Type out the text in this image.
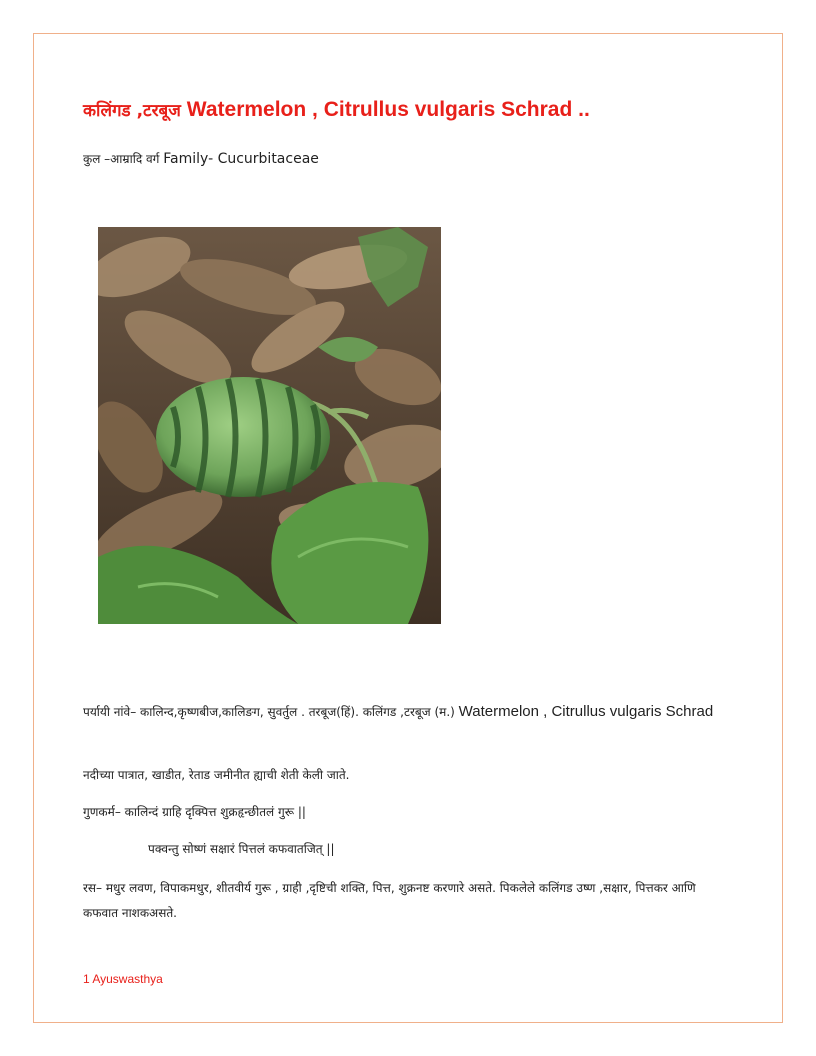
कलिंगड ,टरबूज Watermelon , Citrullus vulgaris Schrad ..
कुल –आम्रादि वर्ग Family- Cucurbitaceae
पर्यायी नांवे– कालिन्द,कृष्णबीज,कालिङग, सुवर्तुल . तरबूज(हिं). कलिंगड ,टरबूज (म.) Watermelon , Citrullus vulgaris Schrad
नदीच्या पात्रात, खाडीत, रेताड जमीनीत ह्याची शेती केली जाते.
गुणकर्म– कालिन्दं ग्राहि दृक्पित्त शुक्रहृन्छीतलं गुरू ||
पक्वन्तु सोष्णं सक्षारं पित्तलं कफवातजित् ||
रस– मधुर लवण, विपाकमधुर, शीतवीर्य गुरू , ग्राही ,दृष्टिची शक्ति, पित्त, शुक्रनष्ट करणारे असते. पिकलेले कलिंगड उष्ण ,सक्षार, पित्तकर आणि कफवात नाशकअसते.
1 Ayuswasthya
